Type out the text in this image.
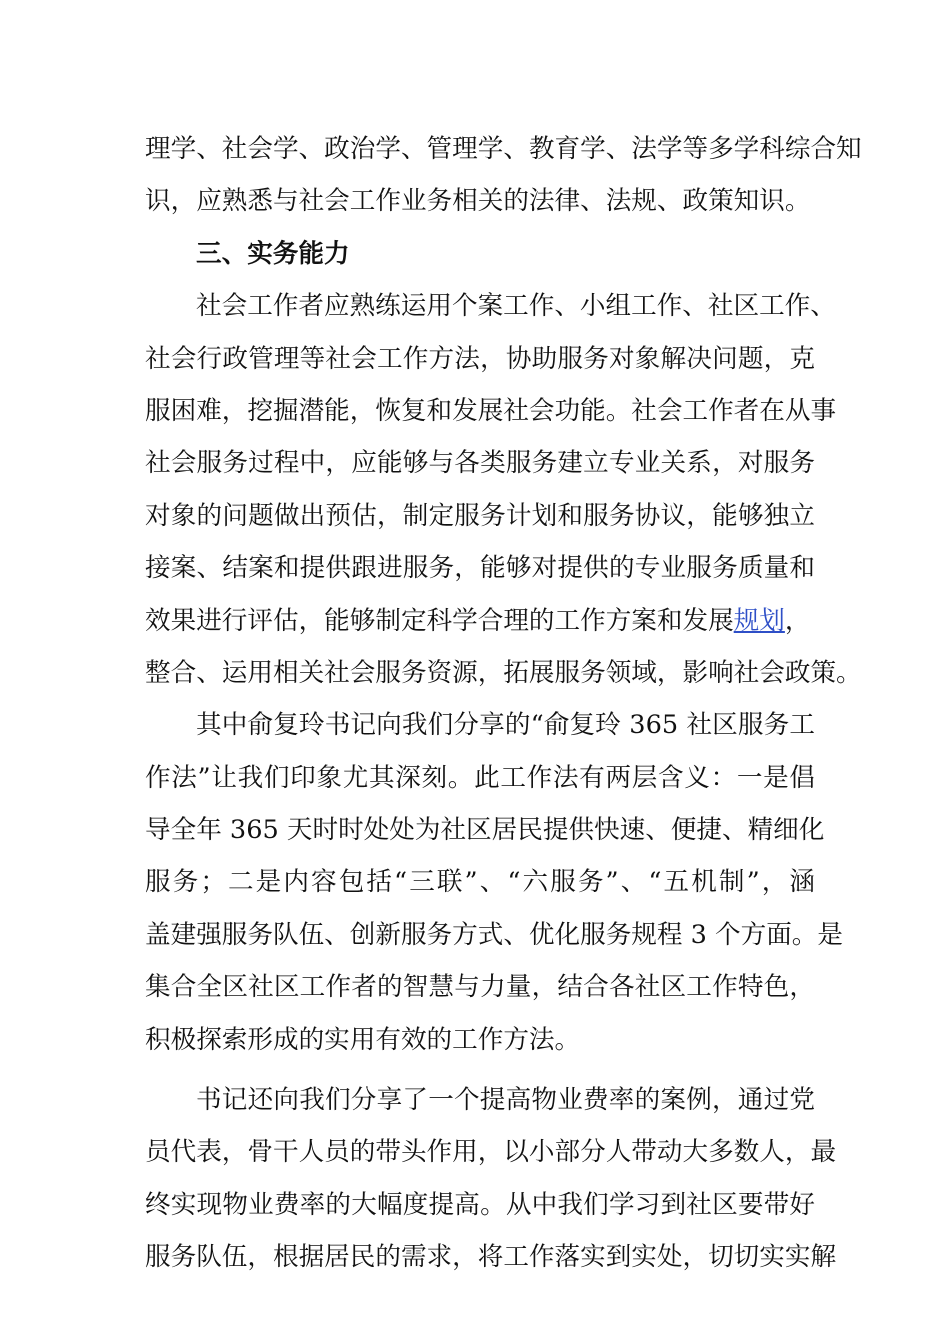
理学、社会学、政治学、管理学、教育学、法学等多学科综合知
识，应熟悉与社会工作业务相关的法律、法规、政策知识。
三、实务能力
社会工作者应熟练运用个案工作、小组工作、社区工作、
社会行政管理等社会工作方法，协助服务对象解决问题，克
服困难，挖掘潜能，恢复和发展社会功能。社会工作者在从事
社会服务过程中，应能够与各类服务建立专业关系，对服务
对象的问题做出预估，制定服务计划和服务协议，能够独立
接案、结案和提供跟进服务，能够对提供的专业服务质量和
效果进行评估，能够制定科学合理的工作方案和发展规划，
整合、运用相关社会服务资源，拓展服务领域，影响社会政策。
其中俞复玲书记向我们分享的“俞复玲 365 社区服务工
作法”让我们印象尤其深刻。此工作法有两层含义：一是倡
导全年 365 天时时处处为社区居民提供快速、便捷、精细化
服务；二是内容包括“三联”、“六服务”、“五机制”，涵
盖建强服务队伍、创新服务方式、优化服务规程 3 个方面。是
集合全区社区工作者的智慧与力量，结合各社区工作特色，
积极探索形成的实用有效的工作方法。
书记还向我们分享了一个提高物业费率的案例，通过党
员代表，骨干人员的带头作用，以小部分人带动大多数人，最
终实现物业费率的大幅度提高。从中我们学习到社区要带好
服务队伍，根据居民的需求，将工作落实到实处，切切实实解
